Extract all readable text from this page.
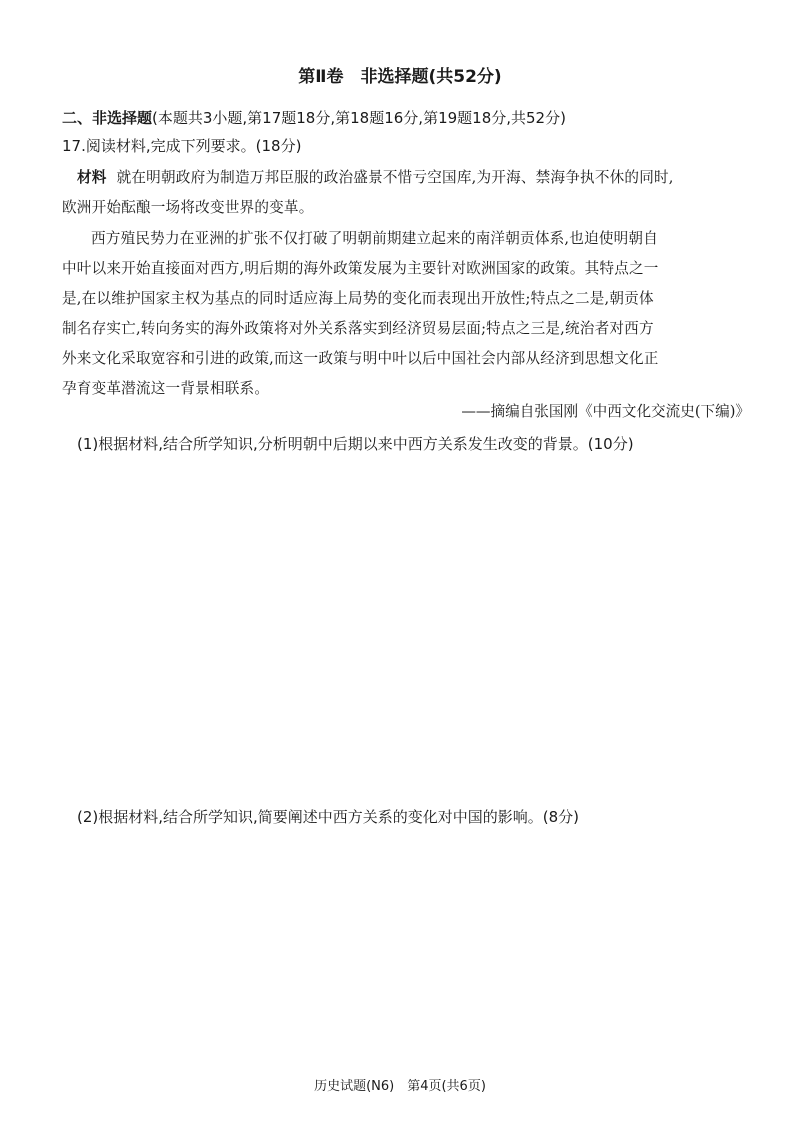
第Ⅱ卷　非选择题(共52分)
二、非选择题(本题共3小题,第17题18分,第18题16分,第19题18分,共52分)
17.阅读材料,完成下列要求。(18分)
材料 就在明朝政府为制造万邦臣服的政治盛景不惜亏空国库,为开海、禁海争执不休的同时,
欧洲开始酝酿一场将改变世界的变革。
西方殖民势力在亚洲的扩张不仅打破了明朝前期建立起来的南洋朝贡体系,也迫使明朝自
中叶以来开始直接面对西方,明后期的海外政策发展为主要针对欧洲国家的政策。其特点之一
是,在以维护国家主权为基点的同时适应海上局势的变化而表现出开放性;特点之二是,朝贡体
制名存实亡,转向务实的海外政策将对外关系落实到经济贸易层面;特点之三是,统治者对西方
外来文化采取宽容和引进的政策,而这一政策与明中叶以后中国社会内部从经济到思想文化正
孕育变革潜流这一背景相联系。
——摘编自张国刚《中西文化交流史(下编)》
(1)根据材料,结合所学知识,分析明朝中后期以来中西方关系发生改变的背景。(10分)
(2)根据材料,结合所学知识,简要阐述中西方关系的变化对中国的影响。(8分)
历史试题(N6)　第4页(共6页)
